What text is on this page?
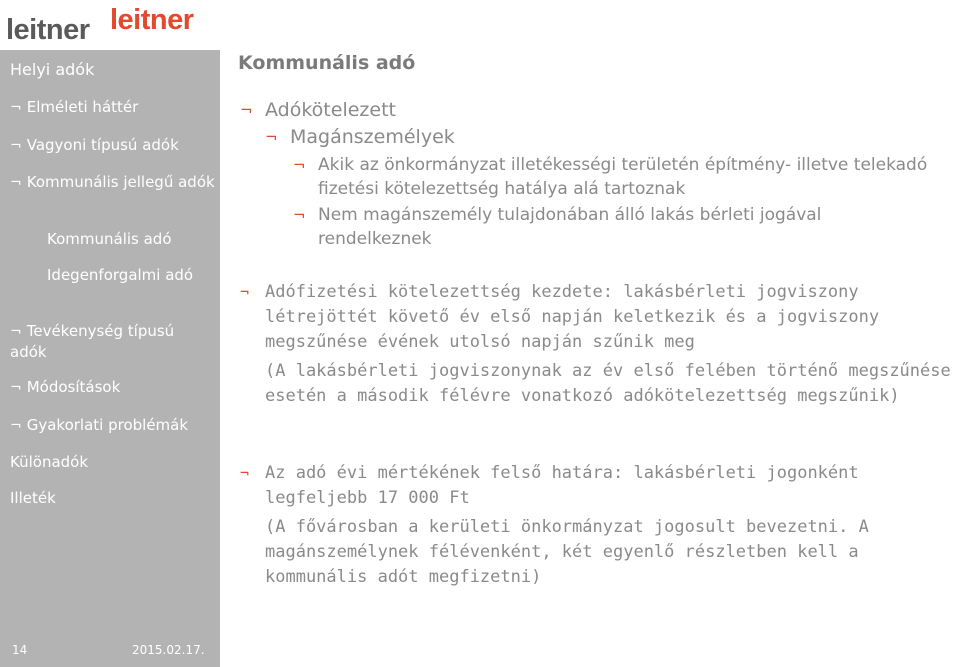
leitner leitner
Helyi adók
¬ Elméleti háttér
¬ Vagyoni típusú adók
¬ Kommunális jellegű adók
Kommunális adó
Idegenforgalmi adó
¬ Tevékenység típusú adók
¬ Módosítások
¬ Gyakorlati problémák
Különadók
Illeték
14	2015.02.17.
Kommunális adó
¬ Adókötelezett
¬ Magánszemélyek
¬ Akik az önkormányzat illetékességi területén építmény- illetve telekadó fizetési kötelezettség hatálya alá tartoznak
¬ Nem magánszemély tulajdonában álló lakás bérleti jogával rendelkeznek
¬ Adófizetési kötelezettség kezdete: lakásbérleti jogviszony létrejöttét követő év első napján keletkezik és a jogviszony megszűnése évének utolsó napján szűnik meg
(A lakásbérleti jogviszonynak az év első felében történő megszűnése esetén a második félévre vonatkozó adókötelezettség megszűnik)
¬ Az adó évi mértékének felső határa: lakásbérleti jogonként legfeljebb 17 000 Ft
(A fővárosban a kerületi önkormányzat jogosult bevezetni. A magánszemélynek félévenként, két egyenlő részletben kell a kommunális adót megfizetni)
